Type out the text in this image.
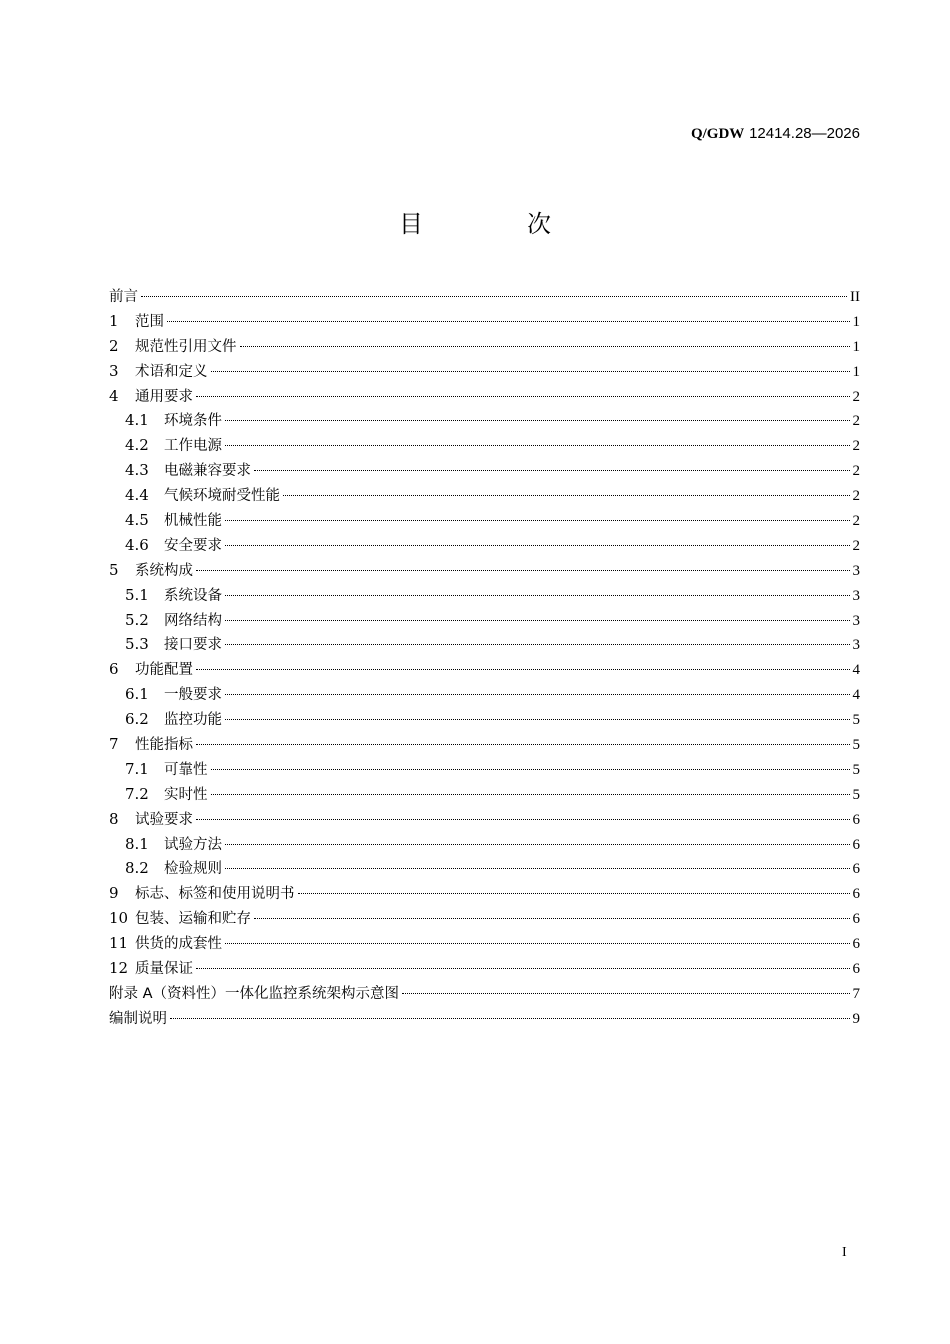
Q/GDW 12414.28—2026
目　次
前言	II
1 范围	1
2 规范性引用文件	1
3 术语和定义	1
4 通用要求	2
4.1 环境条件	2
4.2 工作电源	2
4.3 电磁兼容要求	2
4.4 气候环境耐受性能	2
4.5 机械性能	2
4.6 安全要求	2
5 系统构成	3
5.1 系统设备	3
5.2 网络结构	3
5.3 接口要求	3
6 功能配置	4
6.1 一般要求	4
6.2 监控功能	5
7 性能指标	5
7.1 可靠性	5
7.2 实时性	5
8 试验要求	6
8.1 试验方法	6
8.2 检验规则	6
9 标志、标签和使用说明书	6
10 包装、运输和贮存	6
11 供货的成套性	6
12 质量保证	6
附录 A（资料性）一体化监控系统架构示意图	7
编制说明	9
I
